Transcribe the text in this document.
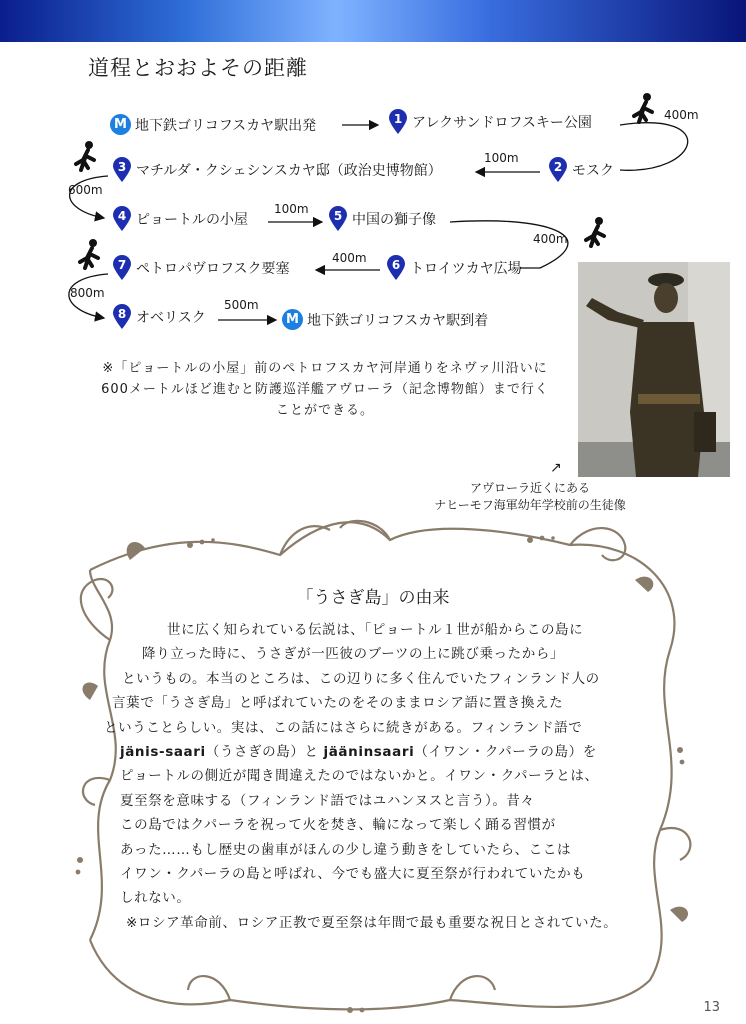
道程とおおよその距離
M 地下鉄ゴリコフスカヤ駅出発	1 アレクサンドロフスキー公園
2 モスク
3 マチルダ・クシェシンスカヤ邸（政治史博物館）
4 ピョートルの小屋	5 中国の獅子像
6 トロイツカヤ広場
7 ペトロパヴロフスク要塞
8 オベリスク	M 地下鉄ゴリコフスカヤ駅到着
400m
100m
600m
100m
400m
400m
800m
500m
※「ピョートルの小屋」前のペトロフスカヤ河岸通りをネヴァ川沿いに600メートルほど進むと防護巡洋艦アヴローラ（記念博物館）まで行くことができる。
↗
アヴローラ近くにある
ナヒーモフ海軍幼年学校前の生徒像
「うさぎ島」の由来

世に広く知られている伝説は、「ピョートル１世が船からこの島に

降り立った時に、うさぎが一匹彼のブーツの上に跳び乗ったから」

というもの。本当のところは、この辺りに多く住んでいたフィンランド人の

言葉で「うさぎ島」と呼ばれていたのをそのままロシア語に置き換えた

ということらしい。実は、この話にはさらに続きがある。フィンランド語で

jänis-saari（うさぎの島）と jääninsaari（イワン・クパーラの島）を

ピョートルの側近が聞き間違えたのではないかと。イワン・クパーラとは、

夏至祭を意味する（フィンランド語ではユハンヌスと言う）。昔々

この島ではクパーラを祝って火を焚き、輪になって楽しく踊る習慣が

あった……もし歴史の歯車がほんの少し違う動きをしていたら、ここは

イワン・クパーラの島と呼ばれ、今でも盛大に夏至祭が行われていたかも

しれない。

※ロシア革命前、ロシア正教で夏至祭は年間で最も重要な祝日とされていた。

13
